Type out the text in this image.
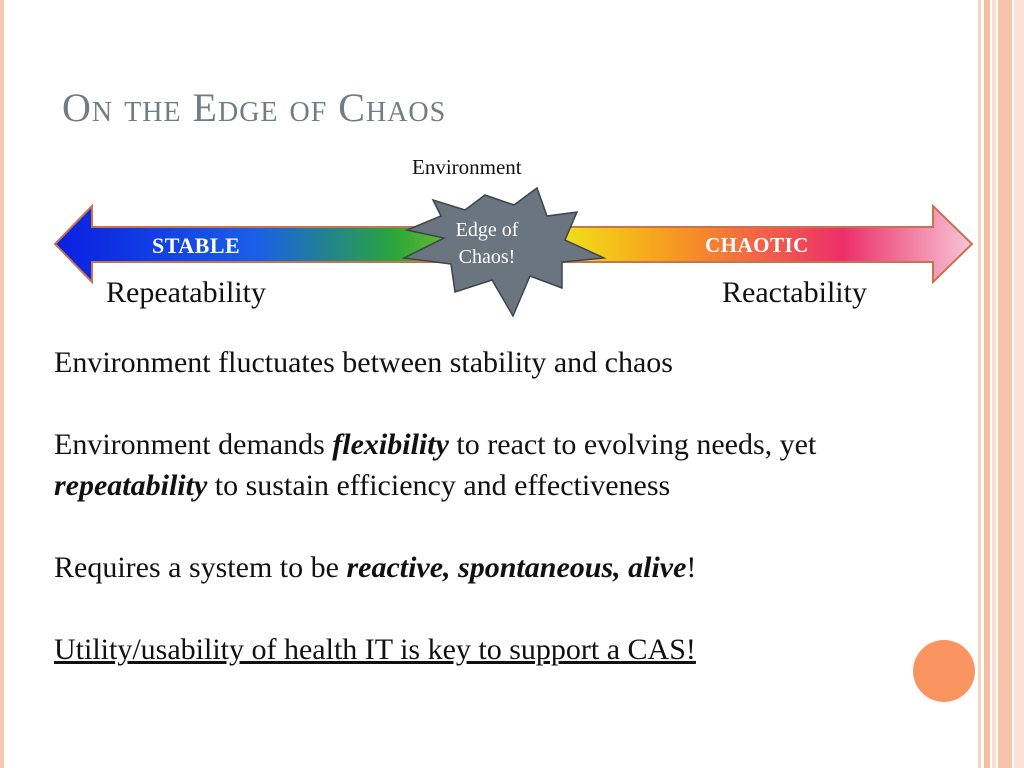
On the Edge of Chaos
Environment
STABLE	CHAOTIC
Edge of
Chaos!
Repeatability	Reactability

Environment fluctuates between stability and chaos

Environment demands flexibility to react to evolving needs, yet repeatability to sustain efficiency and effectiveness

Requires a system to be reactive, spontaneous, alive!

Utility/usability of health IT is key to support a CAS!
